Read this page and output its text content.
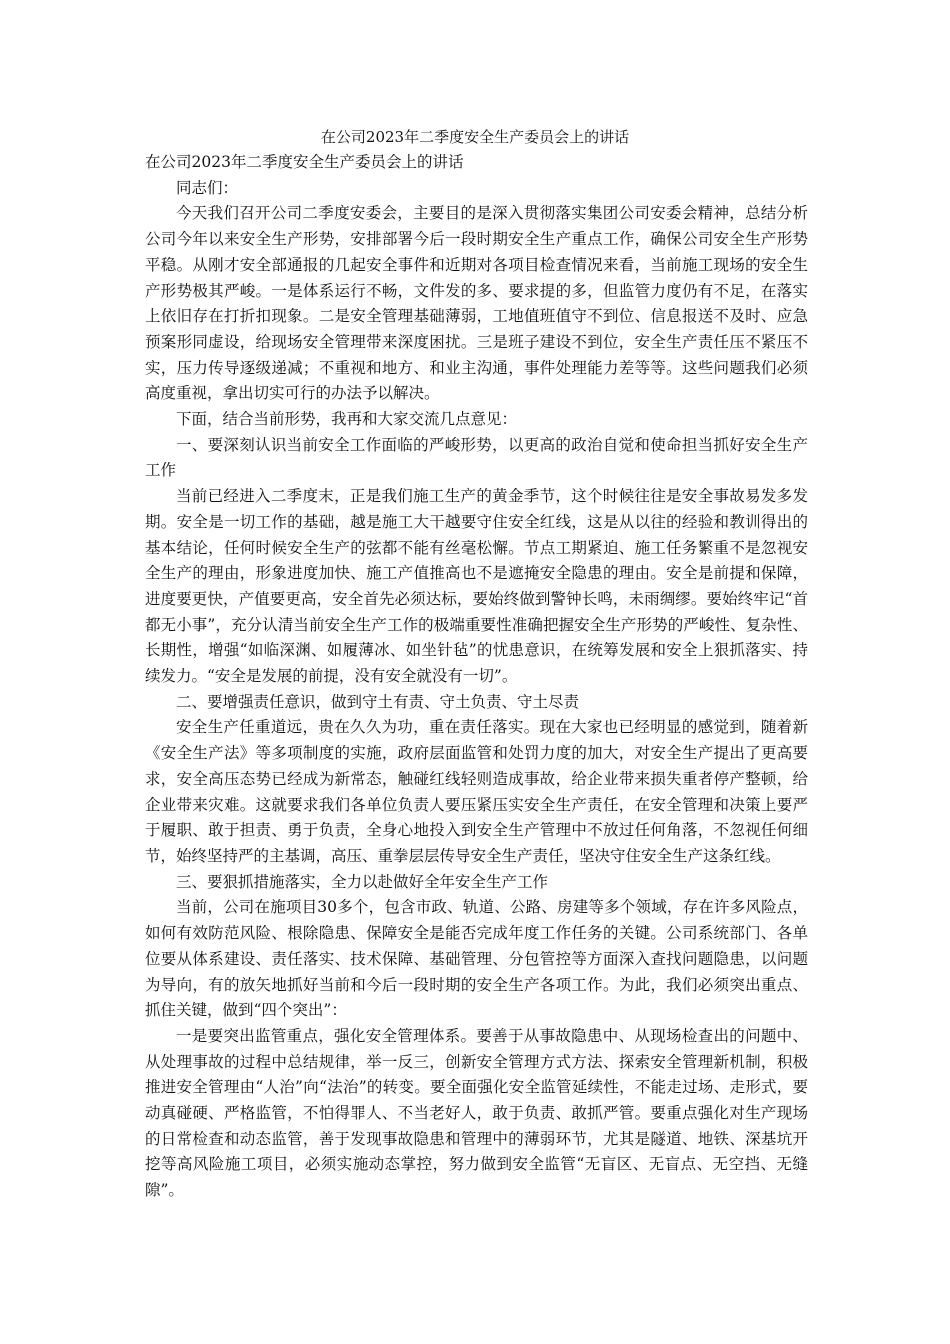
在公司2023年二季度安全生产委员会上的讲话

在公司2023年二季度安全生产委员会上的讲话

同志们：

今天我们召开公司二季度安委会，主要目的是深入贯彻落实集团公司安委会精神，总结分析公司今年以来安全生产形势，安排部署今后一段时期安全生产重点工作，确保公司安全生产形势平稳。从刚才安全部通报的几起安全事件和近期对各项目检查情况来看，当前施工现场的安全生产形势极其严峻。一是体系运行不畅，文件发的多、要求提的多，但监管力度仍有不足，在落实上依旧存在打折扣现象。二是安全管理基础薄弱，工地值班值守不到位、信息报送不及时、应急预案形同虚设，给现场安全管理带来深度困扰。三是班子建设不到位，安全生产责任压不紧压不实，压力传导逐级递减；不重视和地方、和业主沟通，事件处理能力差等等。这些问题我们必须高度重视，拿出切实可行的办法予以解决。

下面，结合当前形势，我再和大家交流几点意见：

一、要深刻认识当前安全工作面临的严峻形势，以更高的政治自觉和使命担当抓好安全生产工作

当前已经进入二季度末，正是我们施工生产的黄金季节，这个时候往往是安全事故易发多发期。安全是一切工作的基础，越是施工大干越要守住安全红线，这是从以往的经验和教训得出的基本结论，任何时候安全生产的弦都不能有丝毫松懈。节点工期紧迫、施工任务繁重不是忽视安全生产的理由，形象进度加快、施工产值推高也不是遮掩安全隐患的理由。安全是前提和保障，进度要更快，产值要更高，安全首先必须达标，要始终做到警钟长鸣，未雨绸缪。要始终牢记“首都无小事”，充分认清当前安全生产工作的极端重要性准确把握安全生产形势的严峻性、复杂性、长期性，增强“如临深渊、如履薄冰、如坐针毡”的忧患意识，在统筹发展和安全上狠抓落实、持续发力。“安全是发展的前提，没有安全就没有一切”。

二、要增强责任意识，做到守土有责、守土负责、守土尽责

安全生产任重道远，贵在久久为功，重在责任落实。现在大家也已经明显的感觉到，随着新《安全生产法》等多项制度的实施，政府层面监管和处罚力度的加大，对安全生产提出了更高要求，安全高压态势已经成为新常态，触碰红线轻则造成事故，给企业带来损失重者停产整顿，给企业带来灾难。这就要求我们各单位负责人要压紧压实安全生产责任，在安全管理和决策上要严于履职、敢于担责、勇于负责，全身心地投入到安全生产管理中不放过任何角落，不忽视任何细节，始终坚持严的主基调，高压、重拳层层传导安全生产责任，坚决守住安全生产这条红线。

三、要狠抓措施落实，全力以赴做好全年安全生产工作

当前，公司在施项目30多个，包含市政、轨道、公路、房建等多个领域，存在许多风险点，如何有效防范风险、根除隐患、保障安全是能否完成年度工作任务的关键。公司系统部门、各单位要从体系建设、责任落实、技术保障、基础管理、分包管控等方面深入查找问题隐患，以问题为导向，有的放矢地抓好当前和今后一段时期的安全生产各项工作。为此，我们必须突出重点、抓住关键，做到“四个突出”：

一是要突出监管重点，强化安全管理体系。要善于从事故隐患中、从现场检查出的问题中、从处理事故的过程中总结规律，举一反三，创新安全管理方式方法、探索安全管理新机制，积极推进安全管理由“人治”向“法治”的转变。要全面强化安全监管延续性，不能走过场、走形式，要动真碰硬、严格监管，不怕得罪人、不当老好人，敢于负责、敢抓严管。要重点强化对生产现场的日常检查和动态监管，善于发现事故隐患和管理中的薄弱环节，尤其是隧道、地铁、深基坑开挖等高风险施工项目，必须实施动态掌控，努力做到安全监管“无盲区、无盲点、无空挡、无缝隙”。
